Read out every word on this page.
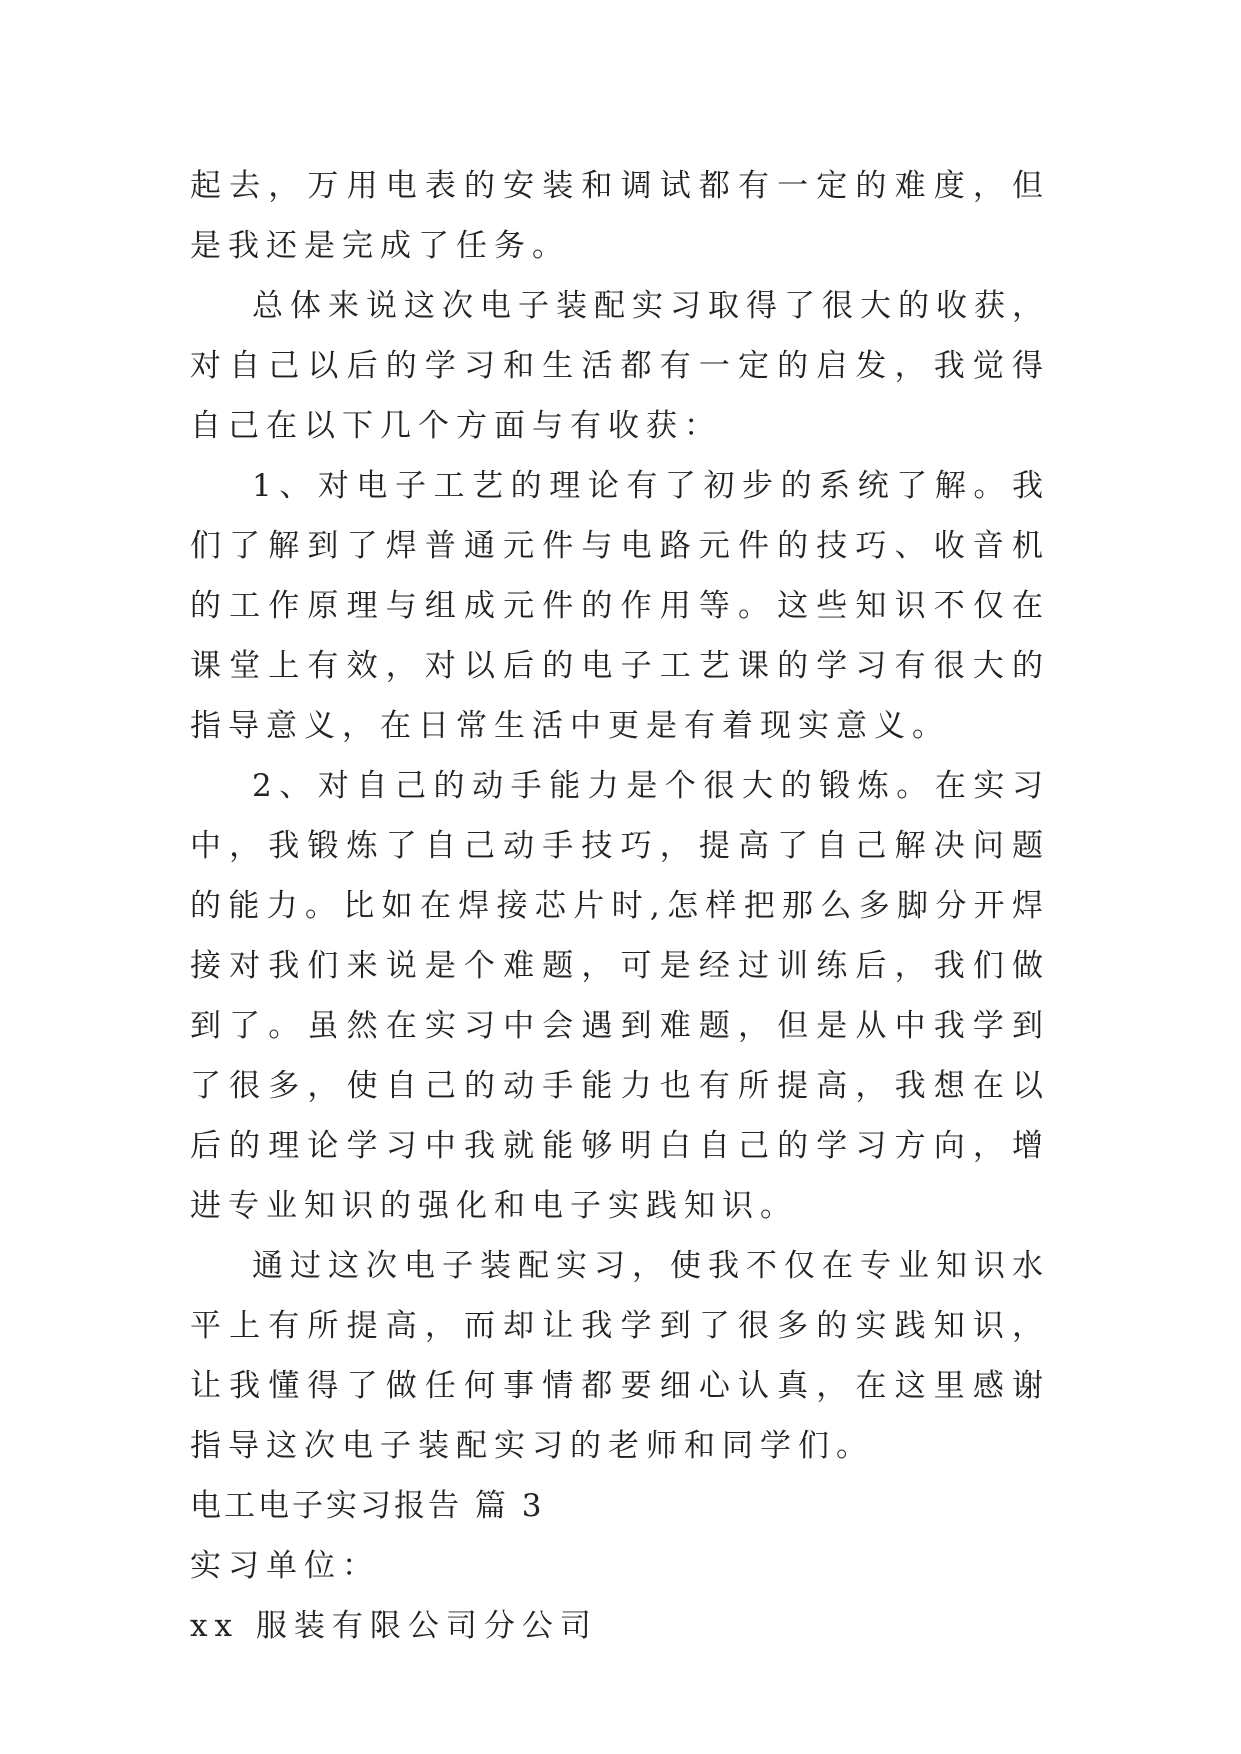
起去，万用电表的安装和调试都有一定的难度，但是我还是完成了任务。

总体来说这次电子装配实习取得了很大的收获，对自己以后的学习和生活都有一定的启发，我觉得自己在以下几个方面与有收获：

1、对电子工艺的理论有了初步的系统了解。我们了解到了焊普通元件与电路元件的技巧、收音机的工作原理与组成元件的作用等。这些知识不仅在课堂上有效，对以后的电子工艺课的学习有很大的指导意义，在日常生活中更是有着现实意义。

2、对自己的动手能力是个很大的锻炼。在实习中，我锻炼了自己动手技巧，提高了自己解决问题的能力。比如在焊接芯片时,怎样把那么多脚分开焊接对我们来说是个难题，可是经过训练后，我们做到了。虽然在实习中会遇到难题，但是从中我学到了很多，使自己的动手能力也有所提高，我想在以后的理论学习中我就能够明白自己的学习方向，增进专业知识的强化和电子实践知识。

通过这次电子装配实习，使我不仅在专业知识水平上有所提高，而却让我学到了很多的实践知识，让我懂得了做任何事情都要细心认真，在这里感谢指导这次电子装配实习的老师和同学们。

电工电子实习报告 篇 3

实习单位：

xx 服装有限公司分公司
